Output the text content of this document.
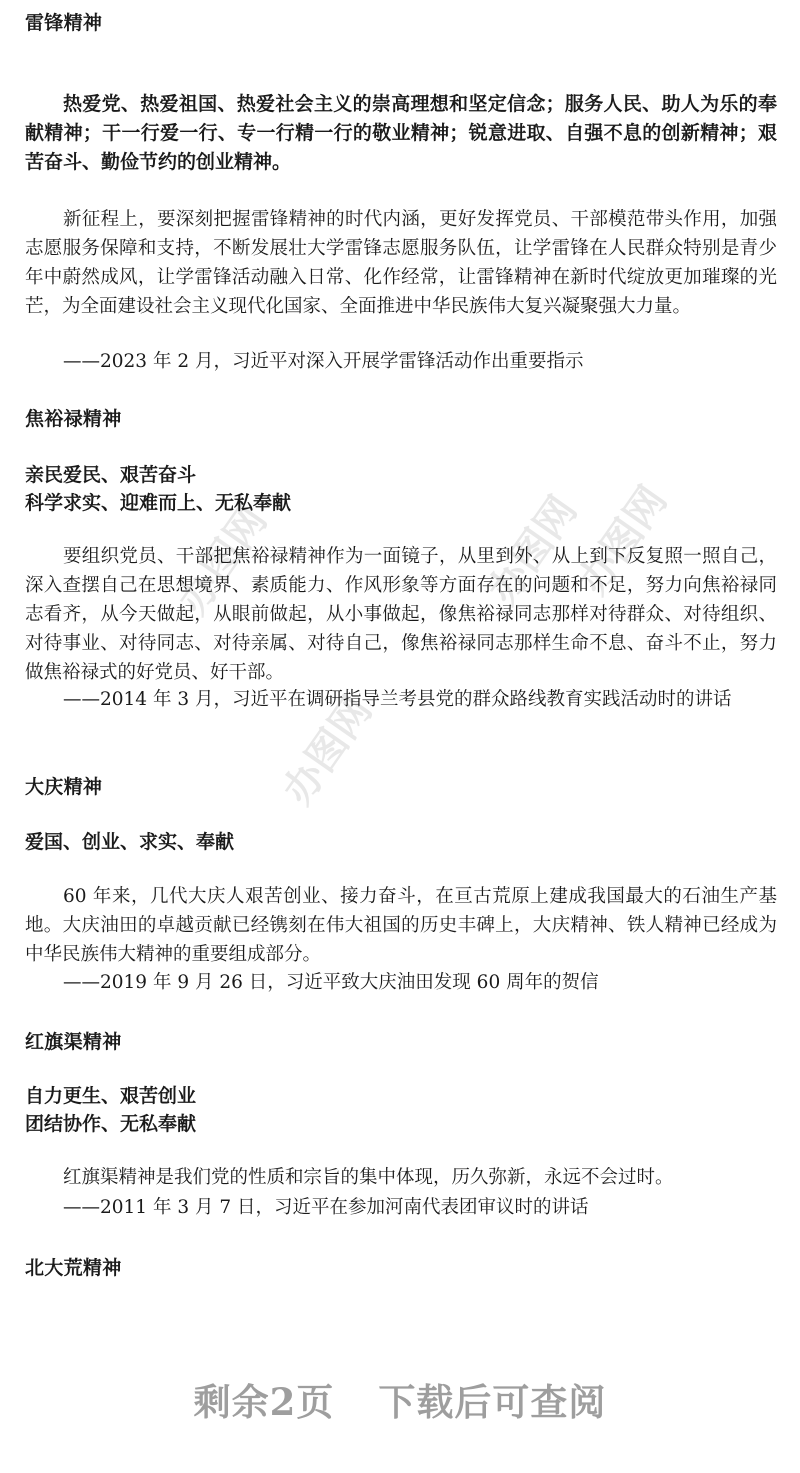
办图网
办图网
办图网
办图网
雷锋精神
热爱党、热爱祖国、热爱社会主义的崇高理想和坚定信念；服务人民、助人为乐的奉献精神；干一行爱一行、专一行精一行的敬业精神；锐意进取、自强不息的创新精神；艰苦奋斗、勤俭节约的创业精神。
新征程上，要深刻把握雷锋精神的时代内涵，更好发挥党员、干部模范带头作用，加强志愿服务保障和支持，不断发展壮大学雷锋志愿服务队伍，让学雷锋在人民群众特别是青少年中蔚然成风，让学雷锋活动融入日常、化作经常，让雷锋精神在新时代绽放更加璀璨的光芒，为全面建设社会主义现代化国家、全面推进中华民族伟大复兴凝聚强大力量。
——2023 年 2 月，习近平对深入开展学雷锋活动作出重要指示
焦裕禄精神
亲民爱民、艰苦奋斗
科学求实、迎难而上、无私奉献
要组织党员、干部把焦裕禄精神作为一面镜子，从里到外、从上到下反复照一照自己，深入查摆自己在思想境界、素质能力、作风形象等方面存在的问题和不足，努力向焦裕禄同志看齐，从今天做起，从眼前做起，从小事做起，像焦裕禄同志那样对待群众、对待组织、对待事业、对待同志、对待亲属、对待自己，像焦裕禄同志那样生命不息、奋斗不止，努力做焦裕禄式的好党员、好干部。
——2014 年 3 月，习近平在调研指导兰考县党的群众路线教育实践活动时的讲话
大庆精神
爱国、创业、求实、奉献
60 年来，几代大庆人艰苦创业、接力奋斗，在亘古荒原上建成我国最大的石油生产基地。大庆油田的卓越贡献已经镌刻在伟大祖国的历史丰碑上，大庆精神、铁人精神已经成为中华民族伟大精神的重要组成部分。
——2019 年 9 月 26 日，习近平致大庆油田发现 60 周年的贺信
红旗渠精神
自力更生、艰苦创业
团结协作、无私奉献
红旗渠精神是我们党的性质和宗旨的集中体现，历久弥新，永远不会过时。
——2011 年 3 月 7 日，习近平在参加河南代表团审议时的讲话
北大荒精神
剩余2页 下载后可查阅
